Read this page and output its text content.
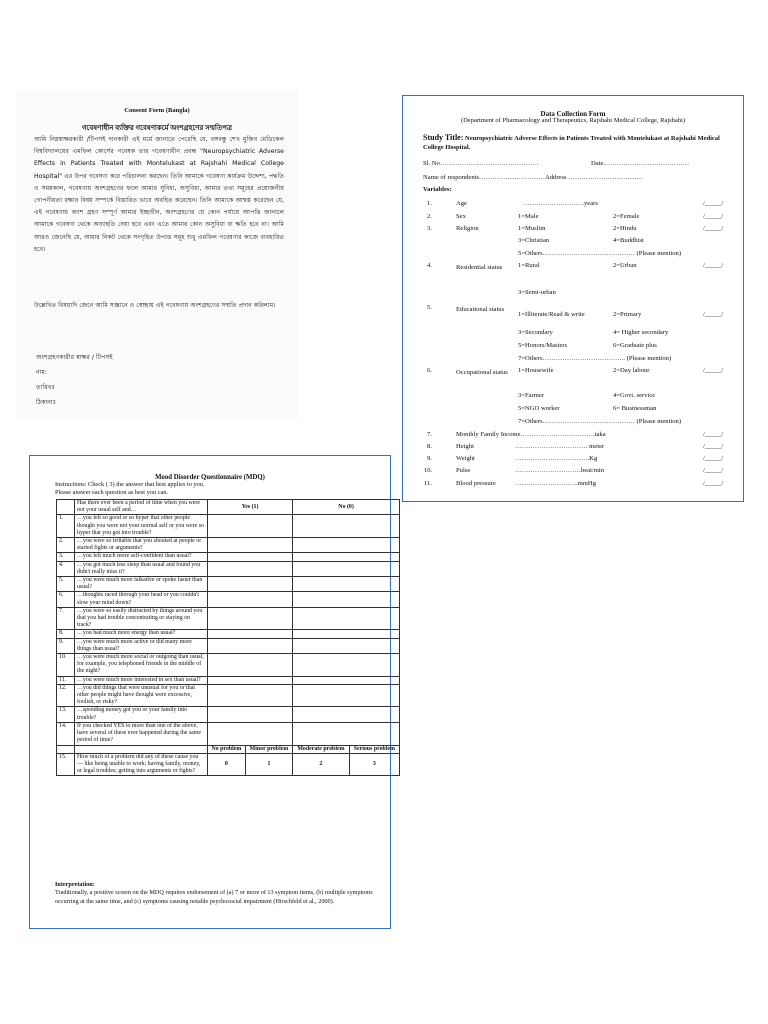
Consent Form (Bangla)
গবেষণাধীন ব্যক্তির গবেষণাকর্মে অংশগ্রহণের সম্মতিপত্র
আমি নিম্নস্বাক্ষরকারী /টিপসই দানকারী এই মর্মে জানাতে পেরেছি যে, বঙ্গবন্ধু শেখ মুজিব মেডিকেল বিশ্ববিদ্যালয়ের এমফিল কোর্সের গবেষক তার গবেষণাধীন প্রবন্ধ "Neuropsychiatric Adverse Effects in Patients Treated with Montelukast at Rajshahi Medical College Hospital" এর উপর গবেষণা করে পরিচালনা করছেন। তিনি আমাকে গবেষণা কার্যক্রম উদ্দেশ্য, পদ্ধতি ও সময়কাল, গবেষণায় অংশগ্রহণের ফলে আমার সুবিধা, অসুবিধা, আমার তথ্য সমূহের প্রয়োজনীয় গোপনীয়তা রক্ষার বিষয় সম্পর্কে বিস্তারিত ভাবে অবহিত করেছেন। তিনি আমাকে আশ্বস্ত করেছেন যে, এই গবেষণায় অংশ গ্রহণ সম্পূর্ণ আমার ইচ্ছাধীন, অংশগ্রহণের যে কোন পর্যায়ে আপত্তি জানালে আমাকে গবেষণা থেকে অব্যাহতি দেয়া হবে এবং এতে আমার কোন অসুবিধা বা ক্ষতি হবে না। আমি আরও জেনেছি যে, আমার নিকট থেকে সংগৃহিত উপাত্ত সমূহ শুধু এমফিল গবেষণার কাজে ব্যবহারিত হবে।
উল্লেখিত বিষয়াদি জেনে আমি সজ্ঞানে ও স্বেচ্ছায় এই গবেষণায় অংশগ্রহণের সম্মতি প্রদান করিলাম।
অংশগ্রহণকারীর স্বাক্ষর / টিপসই
নাম:
তারিখঃ
ঠিকানাঃ
Data Collection Form
(Department of Pharmacology and Therapeutics, Rajshahi Medical College, Rajshahi)
Study Title: Neuropsychiatric Adverse Effects in Patients Treated with Montelukast at Rajshahi Medical College Hospital.
Sl. No………………………………………	Date…………………………………
Name of respondents…………………………Address …………………………….
Variables:
1.	Age	……………………….years	/_____/
2.	Sex	1=Male	2=Female	/_____/
3.	Religion	1=Muslim	2=Hindu	/_____/
3=Christian	4=Buddhist
5=Others…………………………………… (Please mention)
4.	Residential status	1=Rural	2=Urban	/_____/
3=Semi-urban
5.	Educational status
1=Illiterate/Read & write	2=Primary	/_____/
3=Secondary	4= Higher secondary
5=Honors/Masters	6=Graduate plus
7=Others……………………………….. (Please mention)
6.	Occupational status	1=Housewife	2=Day labour	/_____/
3=Farmer	4=Govt. service
5=NGO worker	6= Businessman
7=Others…………………………………… (Please mention)
7.	Monthly Family Income…………………………….taka	/_____/
8.	Height	…………………………… meter	/_____/
9.	Weight	…………………………….Kg	/_____/
10.	Pulse	…………………………beat/min	/_____/
11.	Blood pressure	………………………..mmHg	/_____/
Mood Disorder Questionnaire (MDQ)
Instructions: Check ( 3) the answer that best applies to you.
Please answer each question as best you can.
	Has there ever been a period of time when you were not your usual self and…	Yes (1)		No (0)	
1.	…you felt so good or so hyper that other people thought you were not your normal self or you were so hyper that you got into trouble?				
2.	…you were so irritable that you shouted at people or started fights or arguments?				
3.	…you felt much more self-confident than usual?				
4.	…you got much less sleep than usual and found you didn't really miss it?				
5.	…you were much more talkative or spoke faster than usual?				
6.	…thoughts raced through your head or you couldn't slow your mind down?				
7.	…you were so easily distracted by things around you that you had trouble concentrating or staying on track?				
8.	…you had much more energy than usual?				
9.	…you were much more active or did many more things than usual?				
10.	…you were much more social or outgoing than usual, for example, you telephoned friends in the middle of the night?				
11.	…you were much more interested in sex than usual?				
12.	…you did things that were unusual for you or that other people might have thought were excessive, foolish, or risky?				
13.	…spending money got you or your family into trouble?				
14.	If you checked YES to more than one of the above, have several of these ever happened during the same period of time?				
		No problem	Minor problem	Moderate problem	Serious problem
15.	How much of a problem did any of these cause you — like being unable to work; having family, money, or legal troubles; getting into arguments or fights?	0	1	2	3
Interpretation:
Traditionally, a positive screen on the MDQ requires endorsement of (a) 7 or more of 13 symptom items, (b) multiple symptoms occurring at the same time, and (c) symptoms causing notable psychosocial impairment (Hirschfeld et al., 2000).
